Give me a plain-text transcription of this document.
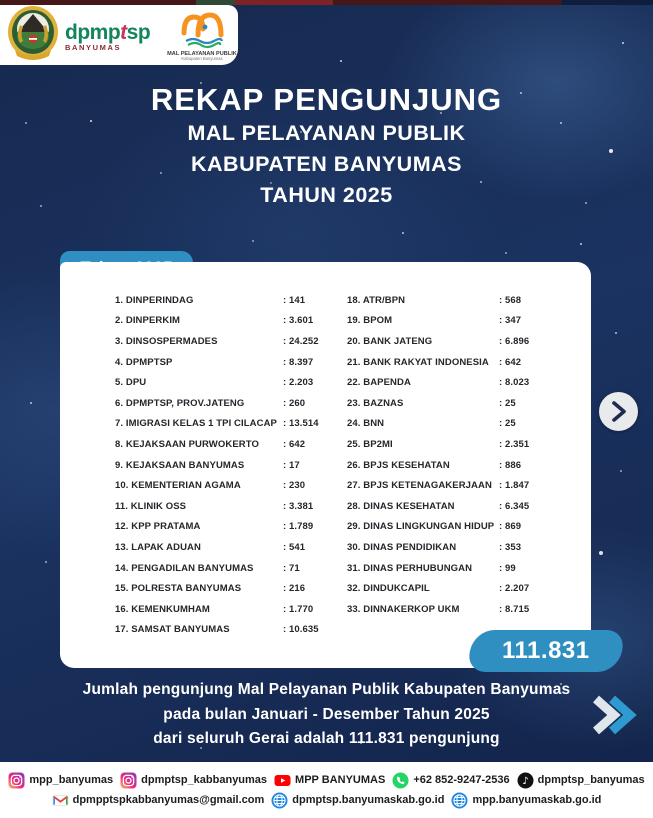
dpmptsp
BANYUMAS
MAL PELAYANAN PUBLIK
Kabupaten Banyumas
REKAP PENGUNJUNG
MAL PELAYANAN PUBLIK
KABUPATEN BANYUMAS
TAHUN 2025
1. DINPERINDAG	: 141
2. DINPERKIM	: 3.601
3. DINSOSPERMADES	: 24.252
4. DPMPTSP	: 8.397
5. DPU	: 2.203
6. DPMPTSP, PROV.JATENG	: 260
7. IMIGRASI KELAS 1 TPI CILACAP : 13.514
8. KEJAKSAAN PURWOKERTO	: 642
9. KEJAKSAAN BANYUMAS	: 17
10. KEMENTERIAN AGAMA	: 230
11. KLINIK OSS	: 3.381
12. KPP PRATAMA	: 1.789
13. LAPAK ADUAN	: 541
14. PENGADILAN BANYUMAS	: 71
15. POLRESTA BANYUMAS	: 216
16. KEMENKUMHAM	: 1.770
17. SAMSAT BANYUMAS	: 10.635
18. ATR/BPN	: 568
19. BPOM	: 347
20. BANK JATENG	: 6.896
21. BANK RAKYAT INDONESIA	: 642
22. BAPENDA	: 8.023
23. BAZNAS	: 25
24. BNN	: 25
25. BP2MI	: 2.351
26. BPJS KESEHATAN	: 886
27. BPJS KETENAGAKERJAAN : 1.847
28. DINAS KESEHATAN	: 6.345
29. DINAS LINGKUNGAN HIDUP : 869
30. DINAS PENDIDIKAN	: 353
31. DINAS PERHUBUNGAN	: 99
32. DINDUKCAPIL	: 2.207
33. DINNAKERKOP UKM	: 8.715
111.831
Jumlah pengunjung Mal Pelayanan Publik Kabupaten Banyumas
pada bulan Januari - Desember Tahun 2025
dari seluruh Gerai adalah 111.831 pengunjung
mpp_banyumas	dpmptsp_kabbanyumas	MPP BANYUMAS	+62 852-9247-2536 ♪ dpmptsp_banyumas
dpmpptspkabbanyumas@gmail.com	dpmptsp.banyumaskab.go.id	mpp.banyumaskab.go.id
